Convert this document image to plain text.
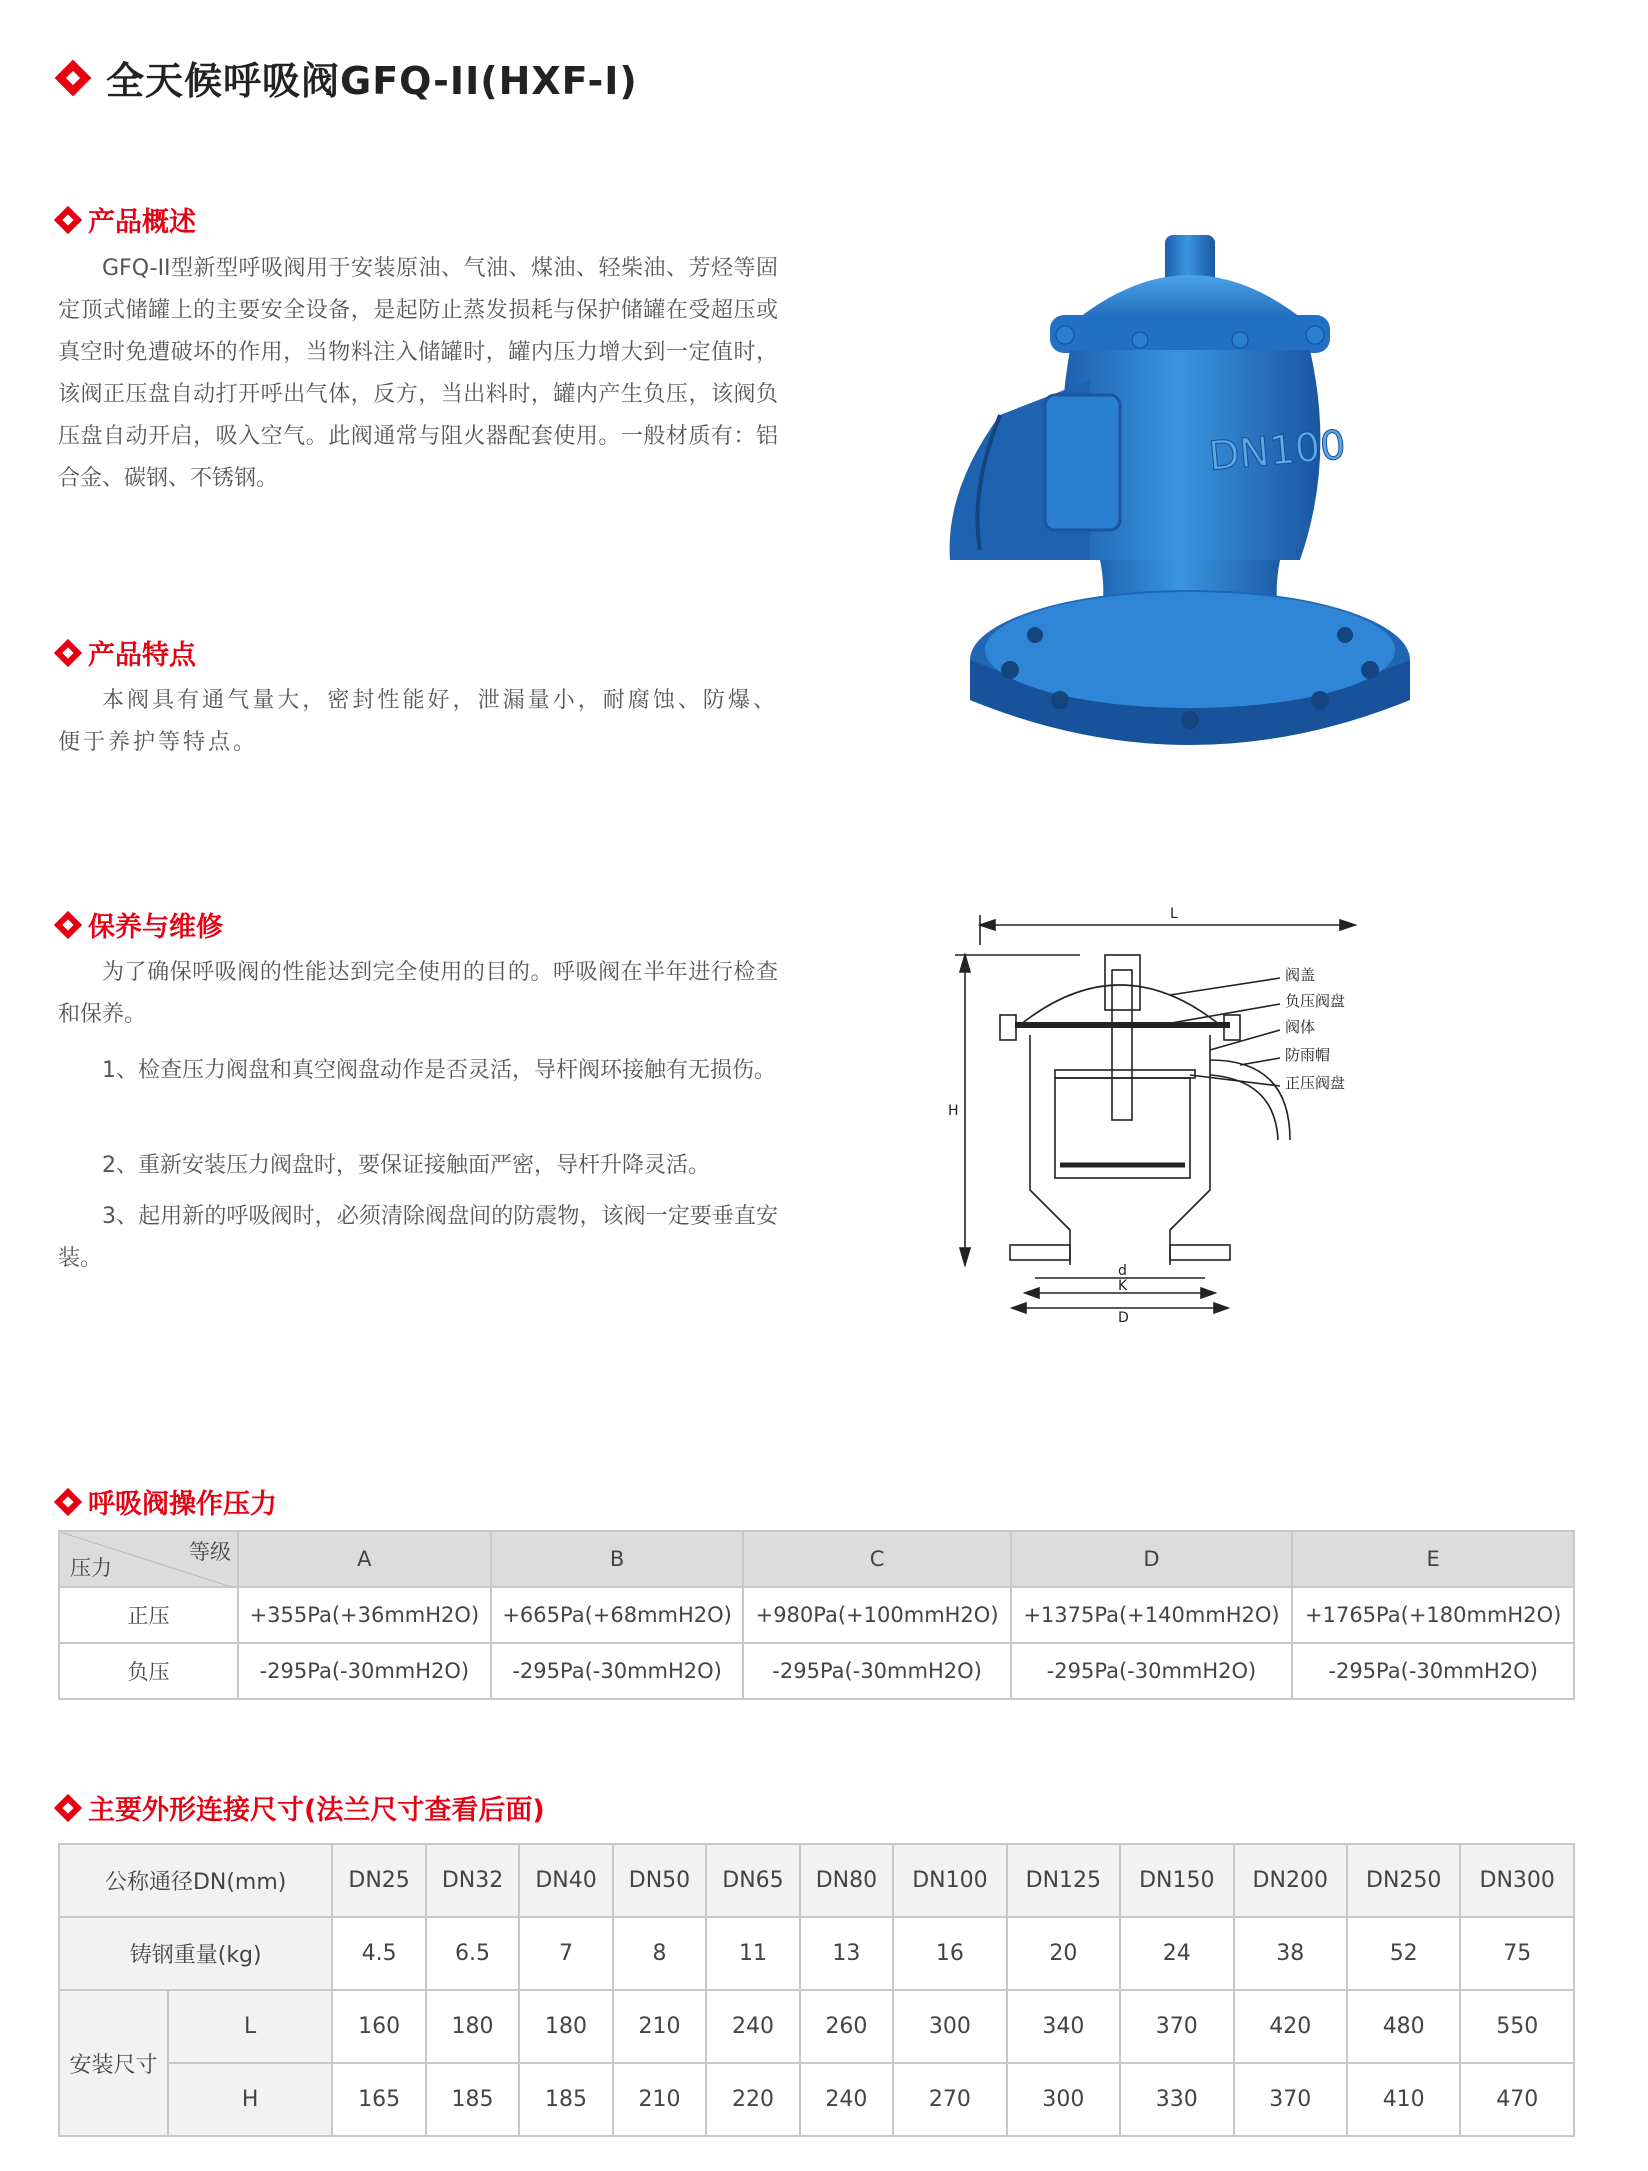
全天候呼吸阀GFQ-II(HXF-I)
产品概述

GFQ-II型新型呼吸阀用于安装原油、气油、煤油、轻柴油、芳烃等固定顶式储罐上的主要安全设备，是起防止蒸发损耗与保护储罐在受超压或真空时免遭破坏的作用，当物料注入储罐时，罐内压力增大到一定值时，该阀正压盘自动打开呼出气体，反方，当出料时，罐内产生负压，该阀负压盘自动开启，吸入空气。此阀通常与阻火器配套使用。一般材质有：铝合金、碳钢、不锈钢。

产品特点

本阀具有通气量大，密封性能好，泄漏量小，耐腐蚀、防爆、便于养护等特点。

保养与维修

为了确保呼吸阀的性能达到完全使用的目的。呼吸阀在半年进行检查和保养。

1、检查压力阀盘和真空阀盘动作是否灵活，导杆阀环接触有无损伤。

2、重新安装压力阀盘时，要保证接触面严密，导杆升降灵活。

3、起用新的呼吸阀时，必须清除阀盘间的防震物，该阀一定要垂直安装。

DN100
L
H
d
K
D
阀盖
负压阀盘
阀体
防雨帽
正压阀盘
呼吸阀操作压力
等级
压力	A	B	C	D	E
正压	+355Pa(+36mmH2O)	+665Pa(+68mmH2O)	+980Pa(+100mmH2O)	+1375Pa(+140mmH2O)	+1765Pa(+180mmH2O)
负压	-295Pa(-30mmH2O)	-295Pa(-30mmH2O)	-295Pa(-30mmH2O)	-295Pa(-30mmH2O)	-295Pa(-30mmH2O)
主要外形连接尺寸(法兰尺寸查看后面)
公称通径DN(mm)		DN25	DN32	DN40	DN50	DN65	DN80	DN100	DN125	DN150	DN200	DN250	DN300
铸钢重量(kg)		4.5	6.5	7	8	11	13	16	20	24	38	52	75
安装尺寸	L	160	180	180	210	240	260	300	340	370	420	480	550
	H	165	185	185	210	220	240	270	300	330	370	410	470
